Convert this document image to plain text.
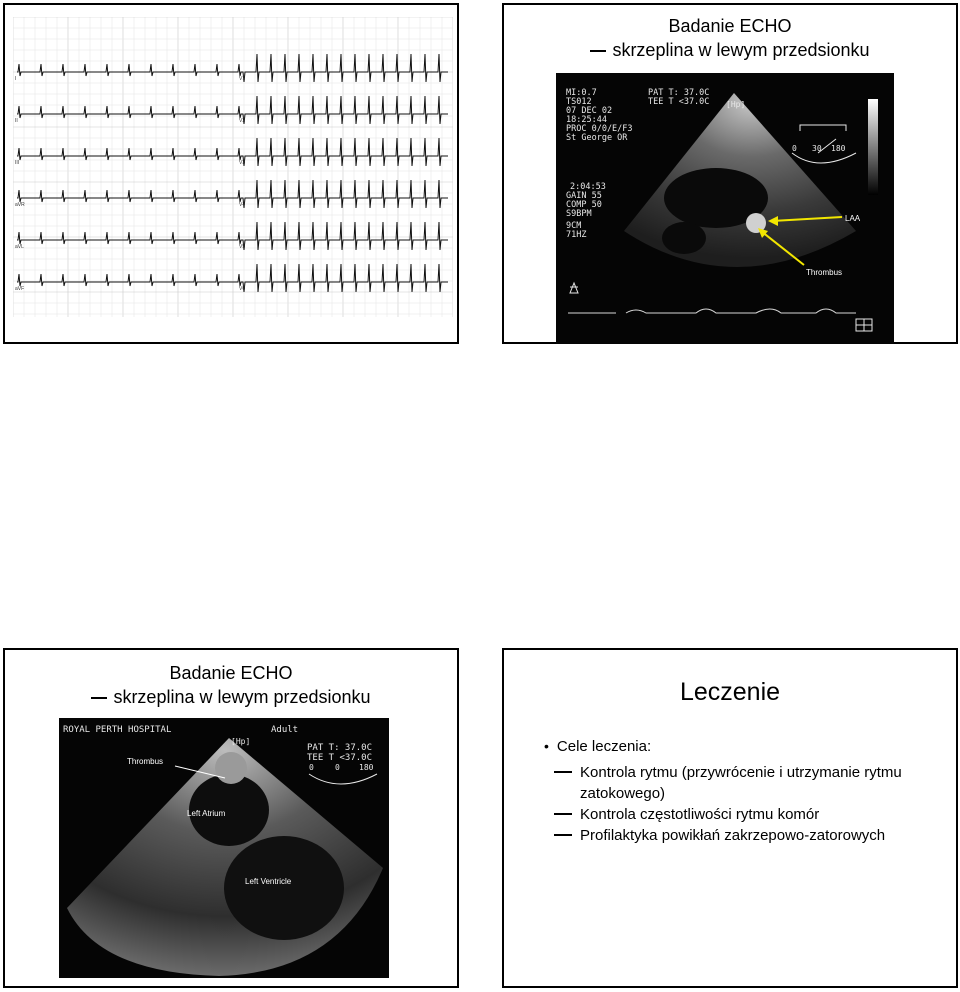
I	V1
II	V2
III	V3
aVR	V4
aVL	V5
aVF	V6
Badanie ECHO
skrzeplina w lewym przedsionku
MI:0.7
TS012
07 DEC 02
18:25:44
PROC 0/0/E/F3
St George OR
PAT T: 37.0C
TEE T <37.0C [Hp]
2:04:53
GAIN 55
COMP 50
S9BPM
9CM
71HZ
0 30 180
LAA
Thrombus
Badanie ECHO
skrzeplina w lewym przedsionku
ROYAL PERTH HOSPITAL	Adult
[Hp]
PAT T: 37.0C
TEE T <37.0C
0	0 180
Thrombus
Left Atrium
Left Ventricle
Leczenie
• Cele leczenia:
Kontrola rytmu (przywrócenie i utrzymanie rytmu zatokowego)
Kontrola częstotliwości rytmu komór
Profilaktyka powikłań zakrzepowo-zatorowych
